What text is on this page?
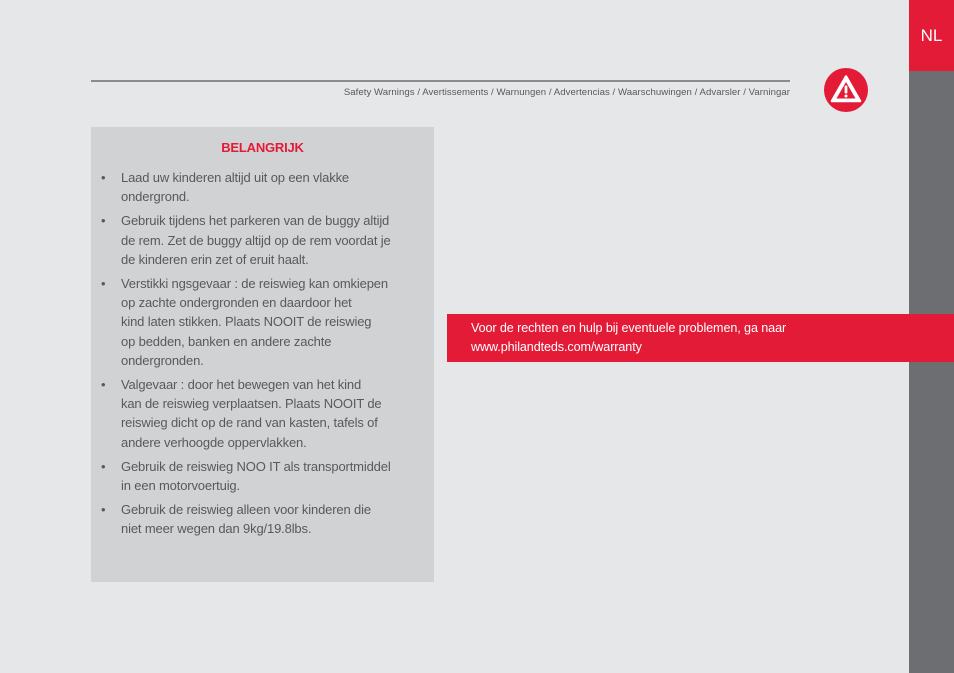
NL
Safety Warnings / Avertissements / Warnungen / Advertencias / Waarschuwingen / Advarsler / Varningar
BELANGRIJK
• Laad uw kinderen altijd uit op een vlakke
ondergrond.
• Gebruik tijdens het parkeren van de buggy altijd
de rem. Zet de buggy altijd op de rem voordat je
de kinderen erin zet of eruit haalt.
• Verstikki ngsgevaar : de reiswieg kan omkiepen
op zachte ondergronden en daardoor het
kind laten stikken. Plaats NOOIT de reiswieg
op bedden, banken en andere zachte
ondergronden.
• Valgevaar : door het bewegen van het kind
kan de reiswieg verplaatsen. Plaats NOOIT de
reiswieg dicht op de rand van kasten, tafels of
andere verhoogde oppervlakken.
• Gebruik de reiswieg NOO IT als transportmiddel
in een motorvoertuig.
• Gebruik de reiswieg alleen voor kinderen die
niet meer wegen dan 9kg/19.8lbs.
Voor de rechten en hulp bij eventuele problemen, ga naar
www.philandteds.com/warranty
